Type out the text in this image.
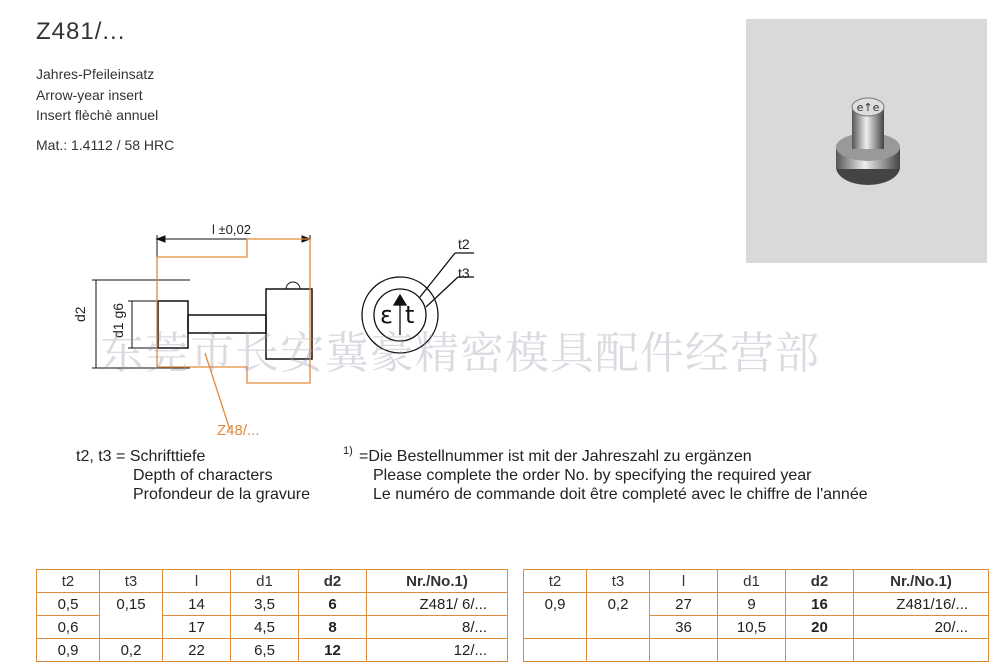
Z481/...
Jahres-Pfeileinsatz
Arrow-year insert
Insert flèchè annuel
Mat.: 1.4112 / 58 HRC
e↑e
ε t
l ±0,02
d2 d1 g6
t2
t3
Z48/...
东莞市长安冀豪精密模具配件经营部
t2, t3 = Schrifttiefe
Depth of characters
Profondeur de la gravure
1) =Die Bestellnummer ist mit der Jahreszahl zu ergänzen
Please complete the order No. by specifying the required year
Le numéro de commande doit être completé avec le chiffre de l'année
t2	t3	l	d1	d2	Nr./No.1)
0,5	0,15	14	3,5	6	Z481/ 6/...
0,6		17	4,5	8	8/...
0,9	0,2	22	6,5	12	12/...
t2	t3	l	d1	d2	Nr./No.1)
0,9	0,2	27	9	16	Z481/16/...
		36	10,5	20	20/...
